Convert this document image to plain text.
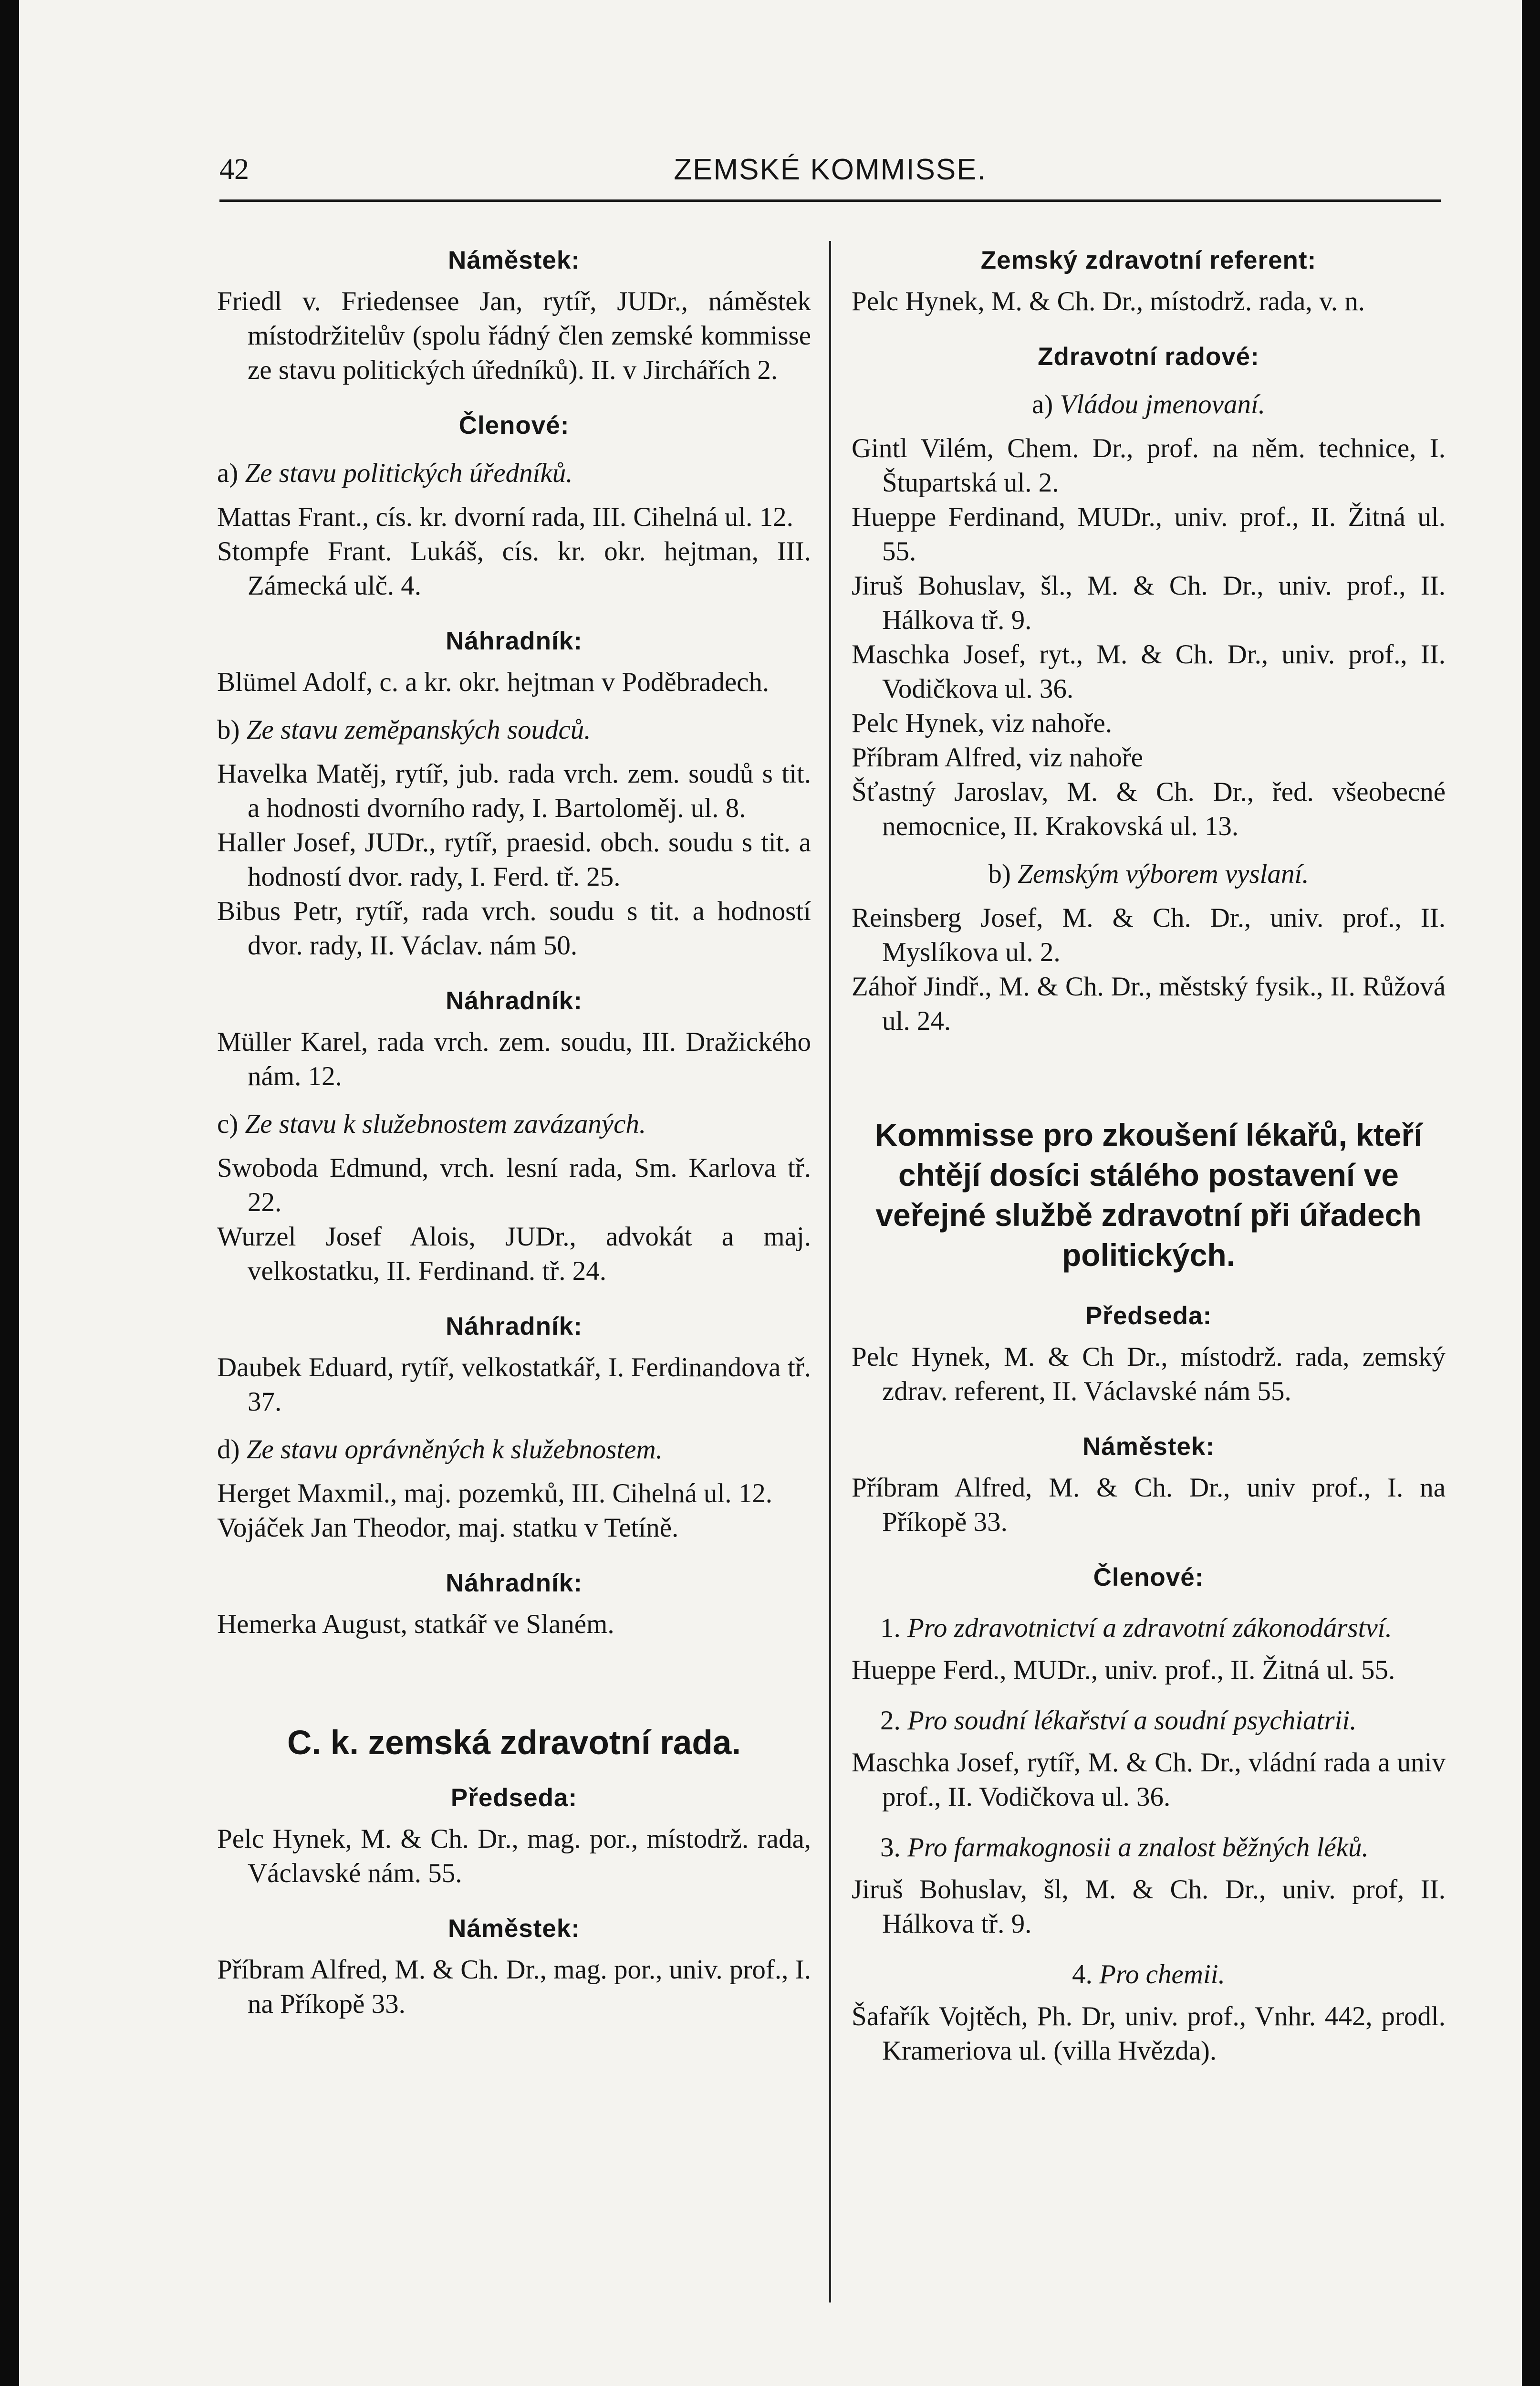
42	ZEMSKÉ KOMMISSE.
Náměstek:
Friedl v. Friedensee Jan, rytíř, JUDr., náměstek místodržitelův (spolu řádný člen zemské kommisse ze stavu politických úředníků). II. v Jirchářích 2.
Členové:
a) Ze stavu politických úředníků.
Mattas Frant., cís. kr. dvorní rada, III. Cihelná ul. 12.
Stompfe Frant. Lukáš, cís. kr. okr. hejtman, III. Zámecká ulč. 4.
Náhradník:
Blümel Adolf, c. a kr. okr. hejtman v Poděbradech.
b) Ze stavu zemĕpanských soudců.
Havelka Matěj, rytíř, jub. rada vrch. zem. soudů s tit. a hodnosti dvorního rady, I. Bartoloměj. ul. 8.
Haller Josef, JUDr., rytíř, praesid. obch. soudu s tit. a hodností dvor. rady, I. Ferd. tř. 25.
Bibus Petr, rytíř, rada vrch. soudu s tit. a hodností dvor. rady, II. Václav. nám 50.
Náhradník:
Müller Karel, rada vrch. zem. soudu, III. Dražického nám. 12.
c) Ze stavu k služebnostem zavázaných.
Swoboda Edmund, vrch. lesní rada, Sm. Karlova tř. 22.
Wurzel Josef Alois, JUDr., advokát a maj. velkostatku, II. Ferdinand. tř. 24.
Náhradník:
Daubek Eduard, rytíř, velkostatkář, I. Ferdinandova tř. 37.
d) Ze stavu oprávněných k služebnostem.
Herget Maxmil., maj. pozemků, III. Cihelná ul. 12.
Vojáček Jan Theodor, maj. statku v Tetíně.
Náhradník:
Hemerka August, statkář ve Slaném.
C. k. zemská zdravotní rada.
Předseda:
Pelc Hynek, M. & Ch. Dr., mag. por., místodrž. rada, Václavské nám. 55.
Náměstek:
Příbram Alfred, M. & Ch. Dr., mag. por., univ. prof., I. na Příkopě 33.
Zemský zdravotní referent:
Pelc Hynek, M. & Ch. Dr., místodrž. rada, v. n.
Zdravotní radové:
a) Vládou jmenovaní.
Gintl Vilém, Chem. Dr., prof. na něm. technice, I. Štupartská ul. 2.
Hueppe Ferdinand, MUDr., univ. prof., II. Žitná ul. 55.
Jiruš Bohuslav, šl., M. & Ch. Dr., univ. prof., II. Hálkova tř. 9.
Maschka Josef, ryt., M. & Ch. Dr., univ. prof., II. Vodičkova ul. 36.
Pelc Hynek, viz nahoře.
Příbram Alfred, viz nahoře
Šťastný Jaroslav, M. & Ch. Dr., řed. všeobecné nemocnice, II. Krakovská ul. 13.
b) Zemským výborem vyslaní.
Reinsberg Josef, M. & Ch. Dr., univ. prof., II. Myslíkova ul. 2.
Záhoř Jindř., M. & Ch. Dr., městský fysik., II. Růžová ul. 24.
Kommisse pro zkoušení lékařů, kteří chtějí dosíci stálého postavení ve veřejné službě zdravotní při úřadech politických.
Předseda:
Pelc Hynek, M. & Ch Dr., místodrž. rada, zemský zdrav. referent, II. Václavské nám 55.
Náměstek:
Příbram Alfred, M. & Ch. Dr., univ prof., I. na Příkopě 33.
Členové:
1. Pro zdravotnictví a zdravotní zákonodárství.
Hueppe Ferd., MUDr., univ. prof., II. Žitná ul. 55.
2. Pro soudní lékařství a soudní psychiatrii.
Maschka Josef, rytíř, M. & Ch. Dr., vládní rada a univ prof., II. Vodičkova ul. 36.
3. Pro farmakognosii a znalost běžných léků.
Jiruš Bohuslav, šl, M. & Ch. Dr., univ. prof, II. Hálkova tř. 9.
4. Pro chemii.
Šafařík Vojtěch, Ph. Dr, univ. prof., Vnhr. 442, prodl. Krameriova ul. (villa Hvězda).
